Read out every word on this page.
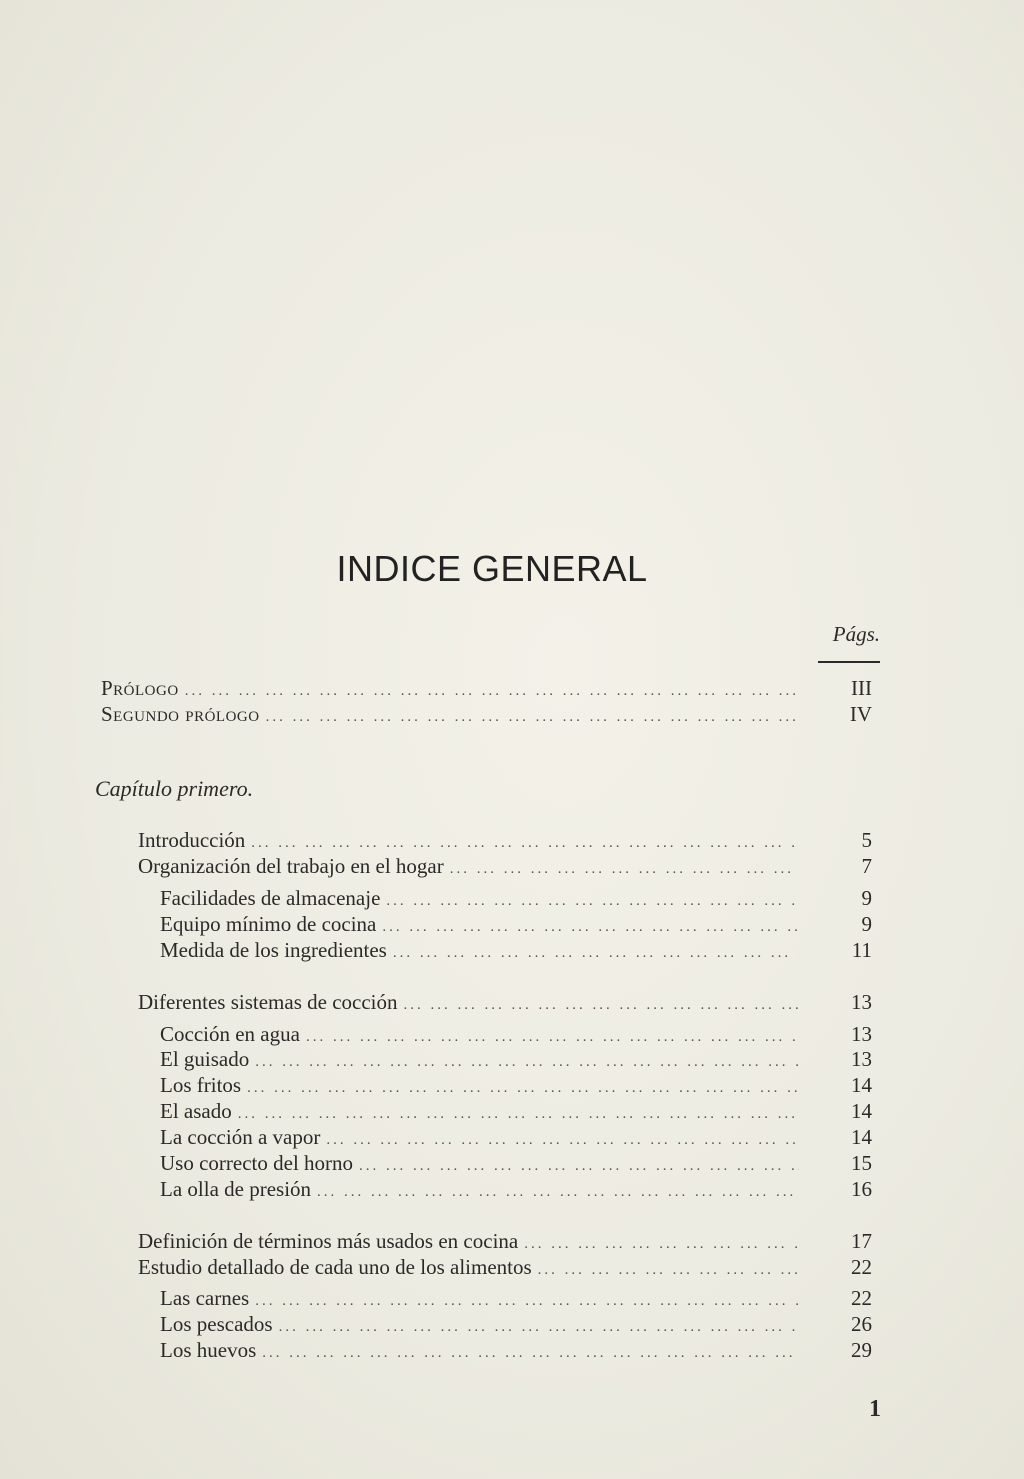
INDICE GENERAL
Págs.
Prólogo ... .	III
Segundo prólogo ... .	IV
Capítulo primero.
Introducción ... .	5
Organización del trabajo en el hogar ... .	7
Facilidades de almacenaje ... .	9
Equipo mínimo de cocina ... .	9
Medida de los ingredientes ... .	11
Diferentes sistemas de cocción ... .	13
Cocción en agua ... .	13
El guisado ... .	13
Los fritos ... .	14
El asado ... .	14
La cocción a vapor ... .	14
Uso correcto del horno ... .	15
La olla de presión ... .	16
Definición de términos más usados en cocina ... .	17
Estudio detallado de cada uno de los alimentos ... .	22
Las carnes ... .	22
Los pescados ... .	26
Los huevos ... .	29
1
